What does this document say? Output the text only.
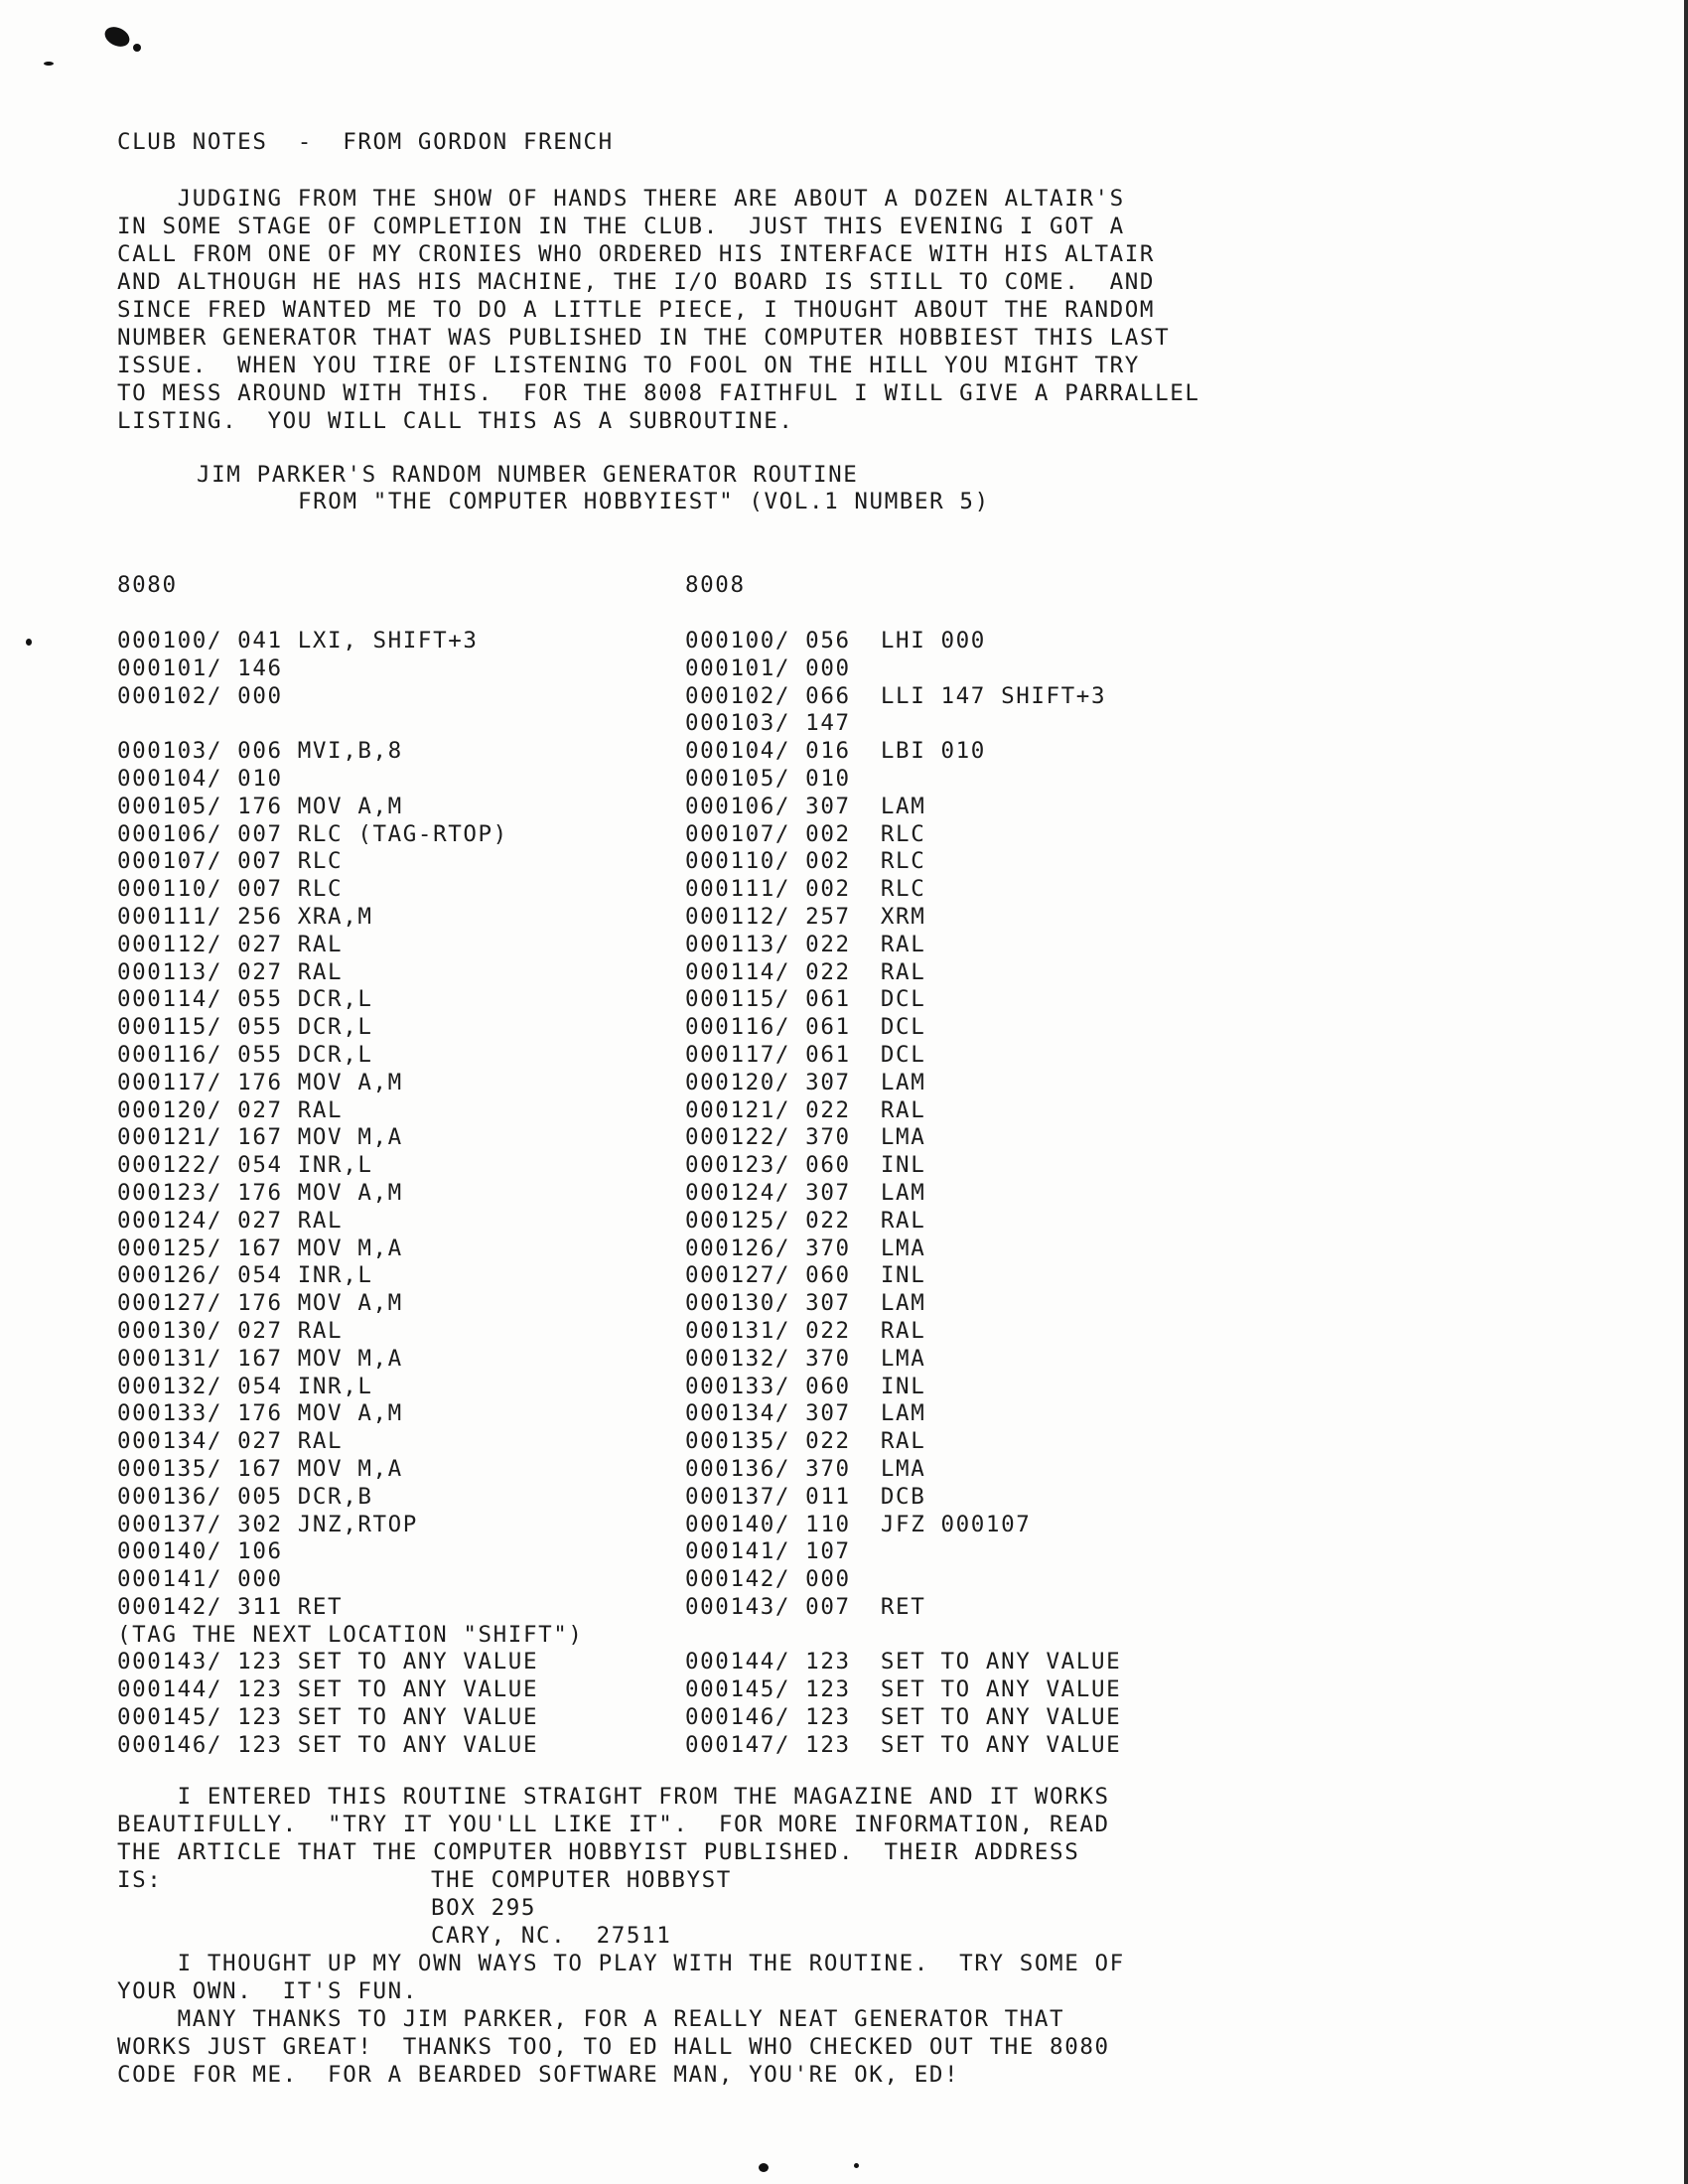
CLUB NOTES  -  FROM GORDON FRENCH
JUDGING FROM THE SHOW OF HANDS THERE ARE ABOUT A DOZEN ALTAIR'S
IN SOME STAGE OF COMPLETION IN THE CLUB.  JUST THIS EVENING I GOT A
CALL FROM ONE OF MY CRONIES WHO ORDERED HIS INTERFACE WITH HIS ALTAIR
AND ALTHOUGH HE HAS HIS MACHINE, THE I/O BOARD IS STILL TO COME.  AND
SINCE FRED WANTED ME TO DO A LITTLE PIECE, I THOUGHT ABOUT THE RANDOM
NUMBER GENERATOR THAT WAS PUBLISHED IN THE COMPUTER HOBBIEST THIS LAST
ISSUE.  WHEN YOU TIRE OF LISTENING TO FOOL ON THE HILL YOU MIGHT TRY
TO MESS AROUND WITH THIS.  FOR THE 8008 FAITHFUL I WILL GIVE A PARRALLEL
LISTING.  YOU WILL CALL THIS AS A SUBROUTINE.
JIM PARKER'S RANDOM NUMBER GENERATOR ROUTINE
FROM "THE COMPUTER HOBBYIEST" (VOL.1 NUMBER 5)
8080	8008
000100/ 041 LXI, SHIFT+3
000101/ 146
000102/ 000
000103/ 006 MVI,B,8
000104/ 010
000105/ 176 MOV A,M
000106/ 007 RLC (TAG-RTOP)
000107/ 007 RLC
000110/ 007 RLC
000111/ 256 XRA,M
000112/ 027 RAL
000113/ 027 RAL
000114/ 055 DCR,L
000115/ 055 DCR,L
000116/ 055 DCR,L
000117/ 176 MOV A,M
000120/ 027 RAL
000121/ 167 MOV M,A
000122/ 054 INR,L
000123/ 176 MOV A,M
000124/ 027 RAL
000125/ 167 MOV M,A
000126/ 054 INR,L
000127/ 176 MOV A,M
000130/ 027 RAL
000131/ 167 MOV M,A
000132/ 054 INR,L
000133/ 176 MOV A,M
000134/ 027 RAL
000135/ 167 MOV M,A
000136/ 005 DCR,B
000137/ 302 JNZ,RTOP
000140/ 106
000141/ 000
000142/ 311 RET
(TAG THE NEXT LOCATION "SHIFT")
000143/ 123 SET TO ANY VALUE
000144/ 123 SET TO ANY VALUE
000145/ 123 SET TO ANY VALUE
000146/ 123 SET TO ANY VALUE
000100/ 056  LHI 000
000101/ 000
000102/ 066  LLI 147 SHIFT+3
000103/ 147
000104/ 016  LBI 010
000105/ 010
000106/ 307  LAM
000107/ 002  RLC
000110/ 002  RLC
000111/ 002  RLC
000112/ 257  XRM
000113/ 022  RAL
000114/ 022  RAL
000115/ 061  DCL
000116/ 061  DCL
000117/ 061  DCL
000120/ 307  LAM
000121/ 022  RAL
000122/ 370  LMA
000123/ 060  INL
000124/ 307  LAM
000125/ 022  RAL
000126/ 370  LMA
000127/ 060  INL
000130/ 307  LAM
000131/ 022  RAL
000132/ 370  LMA
000133/ 060  INL
000134/ 307  LAM
000135/ 022  RAL
000136/ 370  LMA
000137/ 011  DCB
000140/ 110  JFZ 000107
000141/ 107
000142/ 000
000143/ 007  RET
000144/ 123  SET TO ANY VALUE
000145/ 123  SET TO ANY VALUE
000146/ 123  SET TO ANY VALUE
000147/ 123  SET TO ANY VALUE
I ENTERED THIS ROUTINE STRAIGHT FROM THE MAGAZINE AND IT WORKS
BEAUTIFULLY.  "TRY IT YOU'LL LIKE IT".  FOR MORE INFORMATION, READ
THE ARTICLE THAT THE COMPUTER HOBBYIST PUBLISHED.  THEIR ADDRESS
IS:	THE COMPUTER HOBBYST
BOX 295
CARY, NC.  27511
I THOUGHT UP MY OWN WAYS TO PLAY WITH THE ROUTINE.  TRY SOME OF
YOUR OWN.  IT'S FUN.
MANY THANKS TO JIM PARKER, FOR A REALLY NEAT GENERATOR THAT
WORKS JUST GREAT!  THANKS TOO, TO ED HALL WHO CHECKED OUT THE 8080
CODE FOR ME.  FOR A BEARDED SOFTWARE MAN, YOU'RE OK, ED!
